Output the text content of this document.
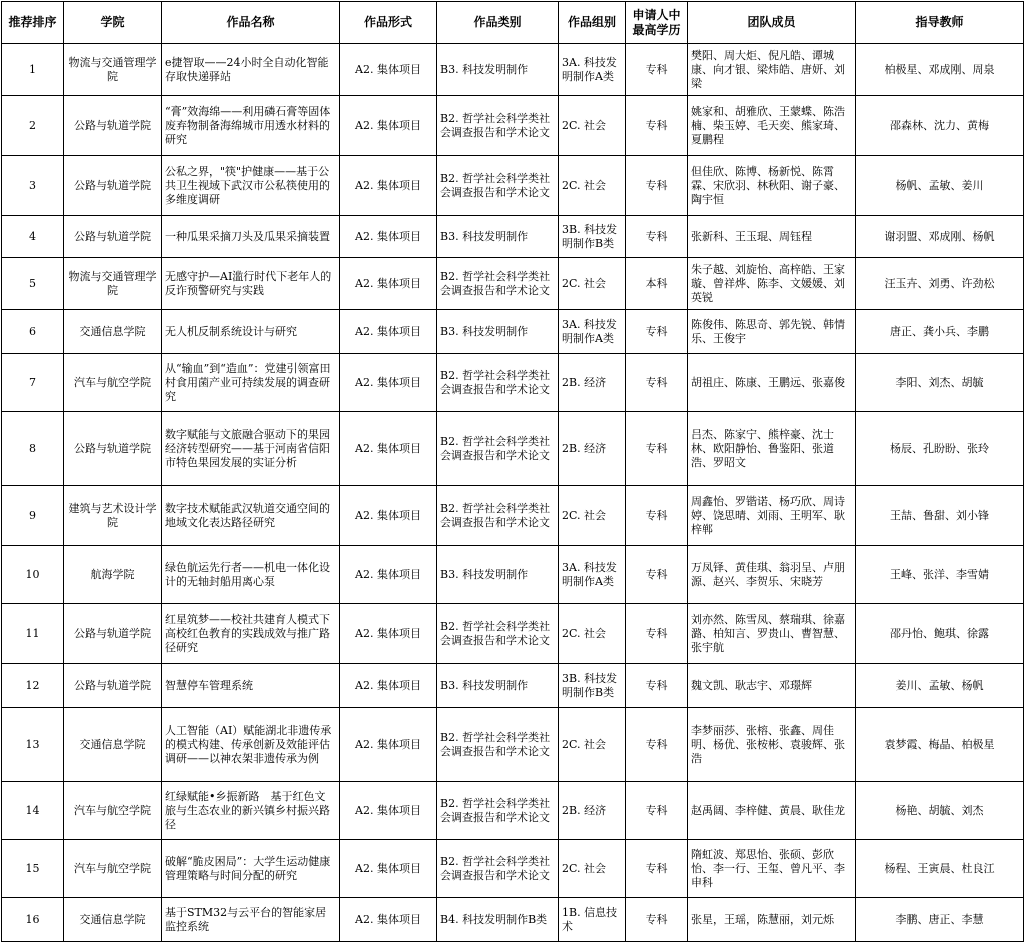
推荐排序	学院	作品名称	作品形式	作品类别	作品组别	申请人中最高学历	团队成员	指导教师
1	物流与交通管理学院	e捷智取——24小时全自动化智能存取快递驿站	A2. 集体项目	B3. 科技发明制作	3A. 科技发明制作A类	专科	樊阳、周大炬、倪凡皓、谭城康、向才银、梁炜皓、唐妍、刘梁	柏极星、邓成刚、周泉
2	公路与轨道学院	“膏”效海绵——利用磷石膏等固体废弃物制备海绵城市用透水材料的研究	A2. 集体项目	B2. 哲学社会科学类社会调查报告和学术论文	2C. 社会	专科	姚家和、胡雅欣、王蒙蝶、陈浩楠、柴玉婷、毛天奕、熊家琦、夏鹏程	邵森林、沈力、黄梅
3	公路与轨道学院	公私之界，"筷"护健康——基于公共卫生视域下武汉市公私筷使用的多维度调研	A2. 集体项目	B2. 哲学社会科学类社会调查报告和学术论文	2C. 社会	专科	但佳欣、陈博、杨新悦、陈霄霖、宋欣羽、林秋阳、谢子豪、陶宇恒	杨帆、孟敏、姜川
4	公路与轨道学院	一种瓜果采摘刀头及瓜果采摘装置	A2. 集体项目	B3. 科技发明制作	3B. 科技发明制作B类	专科	张新科、王玉琨、周钰程	谢羽盟、邓成刚、杨帆
5	物流与交通管理学院	无感守护—AI滥行时代下老年人的反诈预警研究与实践	A2. 集体项目	B2. 哲学社会科学类社会调查报告和学术论文	2C. 社会	本科	朱子越、刘旋怡、高梓皓、王家璇、曾祥烨、陈李、文媛媛、刘英锐	汪玉卉、刘勇、许劲松
6	交通信息学院	无人机反制系统设计与研究	A2. 集体项目	B3. 科技发明制作	3A. 科技发明制作A类	专科	陈俊伟、陈思奇、郭先锐、韩情乐、王俊宇	唐正、龚小兵、李鹏
7	汽车与航空学院	从“输血”到“造血”：党建引领富田村食用菌产业可持续发展的调查研究	A2. 集体项目	B2. 哲学社会科学类社会调查报告和学术论文	2B. 经济	专科	胡祖庄、陈康、王鹏远、张嘉俊	李阳、刘杰、胡毓
8	公路与轨道学院	数字赋能与文旅融合驱动下的果园经济转型研究——基于河南省信阳市特色果园发展的实证分析	A2. 集体项目	B2. 哲学社会科学类社会调查报告和学术论文	2B. 经济	专科	吕杰、陈家宁、熊梓豪、沈士林、欧阳静怡、鲁鉴阳、张道浩、罗昭文	杨辰、孔盼盼、张玲
9	建筑与艺术设计学院	数字技术赋能武汉轨道交通空间的地域文化表达路径研究	A2. 集体项目	B2. 哲学社会科学类社会调查报告和学术论文	2C. 社会	专科	周鑫怡、罗锴诺、杨巧欣、周诗婷、饶思晴、刘雨、王明军、耿梓郸	王喆、鲁甜、刘小锋
10	航海学院	绿色航运先行者——机电一体化设计的无轴封船用离心泵	A2. 集体项目	B3. 科技发明制作	3A. 科技发明制作A类	专科	万凤铎、黄佳琪、翁羽呈、卢朋源、赵兴、李贺乐、宋晓芳	王峰、张洋、李雪婧
11	公路与轨道学院	红星筑梦——校社共建育人模式下高校红色教育的实践成效与推广路径研究	A2. 集体项目	B2. 哲学社会科学类社会调查报告和学术论文	2C. 社会	专科	刘亦然、陈雪凤、蔡瑞琪、徐嘉潞、柏知言、罗贵山、曹智慧、张宇航	邵丹怡、鲍琪、徐露
12	公路与轨道学院	智慧停车管理系统	A2. 集体项目	B3. 科技发明制作	3B. 科技发明制作B类	专科	魏文凯、耿志宇、邓璟辉	姜川、孟敏、杨帆
13	交通信息学院	人工智能（AI）赋能湖北非遗传承的模式构建、传承创新及效能评估调研——以神农架非遗传承为例	A2. 集体项目	B2. 哲学社会科学类社会调查报告和学术论文	2C. 社会	专科	李梦丽莎、张榕、张鑫、周佳明、杨优、张桉彬、袁骏辉、张浩	袁梦霞、梅晶、柏极星
14	汽车与航空学院	红绿赋能•乡振新路　基于红色文旅与生态农业的新兴镇乡村振兴路径	A2. 集体项目	B2. 哲学社会科学类社会调查报告和学术论文	2B. 经济	专科	赵禹阔、李梓健、黄晨、耿佳龙	杨艳、胡毓、刘杰
15	汽车与航空学院	破解“脆皮困局”：大学生运动健康管理策略与时间分配的研究	A2. 集体项目	B2. 哲学社会科学类社会调查报告和学术论文	2C. 社会	专科	隋虹波、郑思怡、张硕、彭欣怡、李一行、王玺、曾凡平、李申科	杨程、王寅晨、杜良江
16	交通信息学院	基于STM32与云平台的智能家居监控系统	A2. 集体项目	B4. 科技发明制作B类	1B. 信息技术	专科	张星，王瑶，陈慧丽，刘元烁	李鹏、唐正、李慧
